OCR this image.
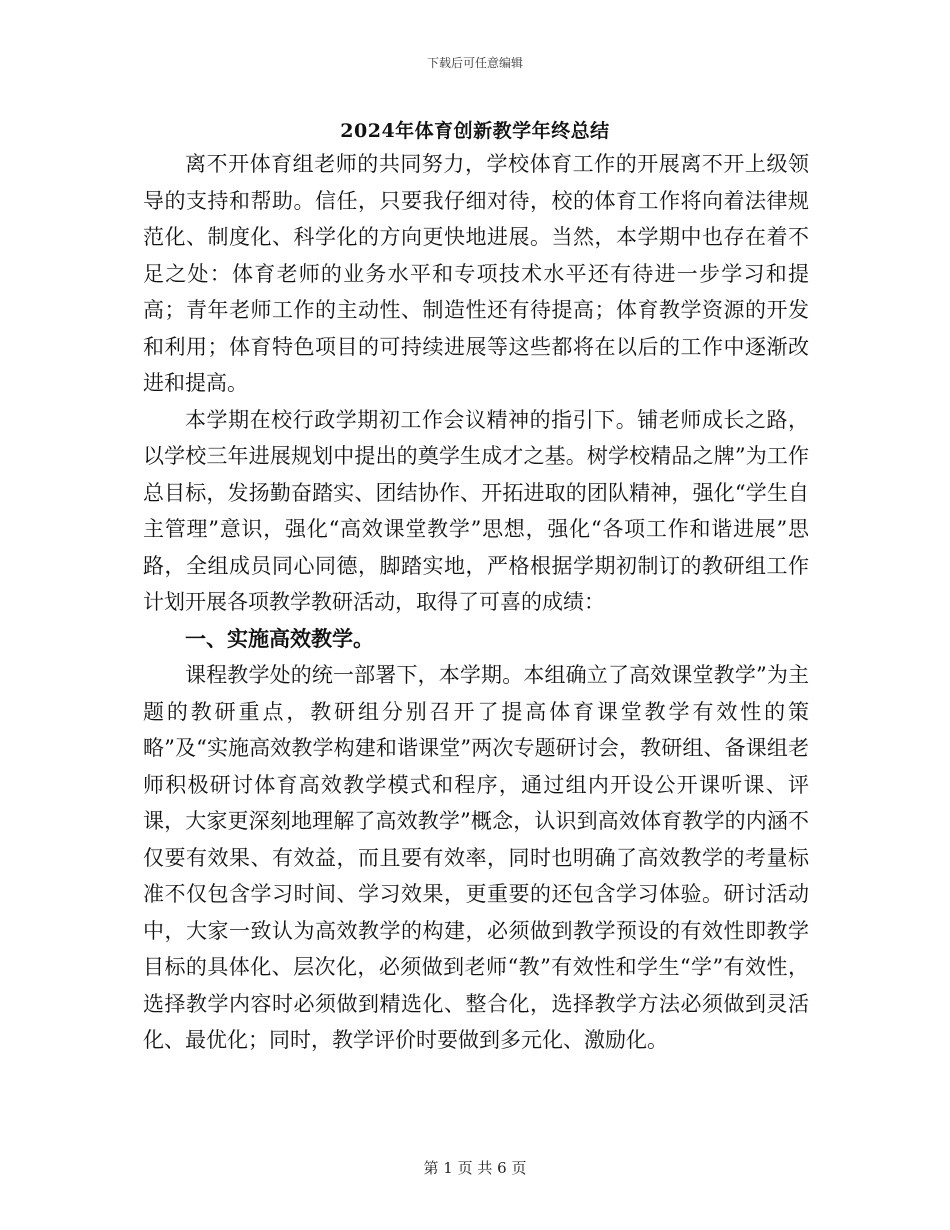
下载后可任意编辑
2024年体育创新教学年终总结

离不开体育组老师的共同努力，学校体育工作的开展离不开上级领导的支持和帮助。信任，只要我仔细对待，校的体育工作将向着法律规范化、制度化、科学化的方向更快地进展。当然，本学期中也存在着不足之处：体育老师的业务水平和专项技术水平还有待进一步学习和提高；青年老师工作的主动性、制造性还有待提高；体育教学资源的开发和利用；体育特色项目的可持续进展等这些都将在以后的工作中逐渐改进和提高。

本学期在校行政学期初工作会议精神的指引下。铺老师成长之路，以学校三年进展规划中提出的奠学生成才之基。树学校精品之牌”为工作总目标，发扬勤奋踏实、团结协作、开拓进取的团队精神，强化“学生自主管理”意识，强化“高效课堂教学”思想，强化“各项工作和谐进展”思路，全组成员同心同德，脚踏实地，严格根据学期初制订的教研组工作计划开展各项教学教研活动，取得了可喜的成绩：

一、实施高效教学。

课程教学处的统一部署下，本学期。本组确立了高效课堂教学”为主题的教研重点，教研组分别召开了提高体育课堂教学有效性的策略”及“实施高效教学构建和谐课堂”两次专题研讨会，教研组、备课组老师积极研讨体育高效教学模式和程序，通过组内开设公开课听课、评课，大家更深刻地理解了高效教学”概念，认识到高效体育教学的内涵不仅要有效果、有效益，而且要有效率，同时也明确了高效教学的考量标准不仅包含学习时间、学习效果，更重要的还包含学习体验。研讨活动中，大家一致认为高效教学的构建，必须做到教学预设的有效性即教学目标的具体化、层次化，必须做到老师“教”有效性和学生“学”有效性，选择教学内容时必须做到精选化、整合化，选择教学方法必须做到灵活化、最优化；同时，教学评价时要做到多元化、激励化。

第 1 页 共 6 页
